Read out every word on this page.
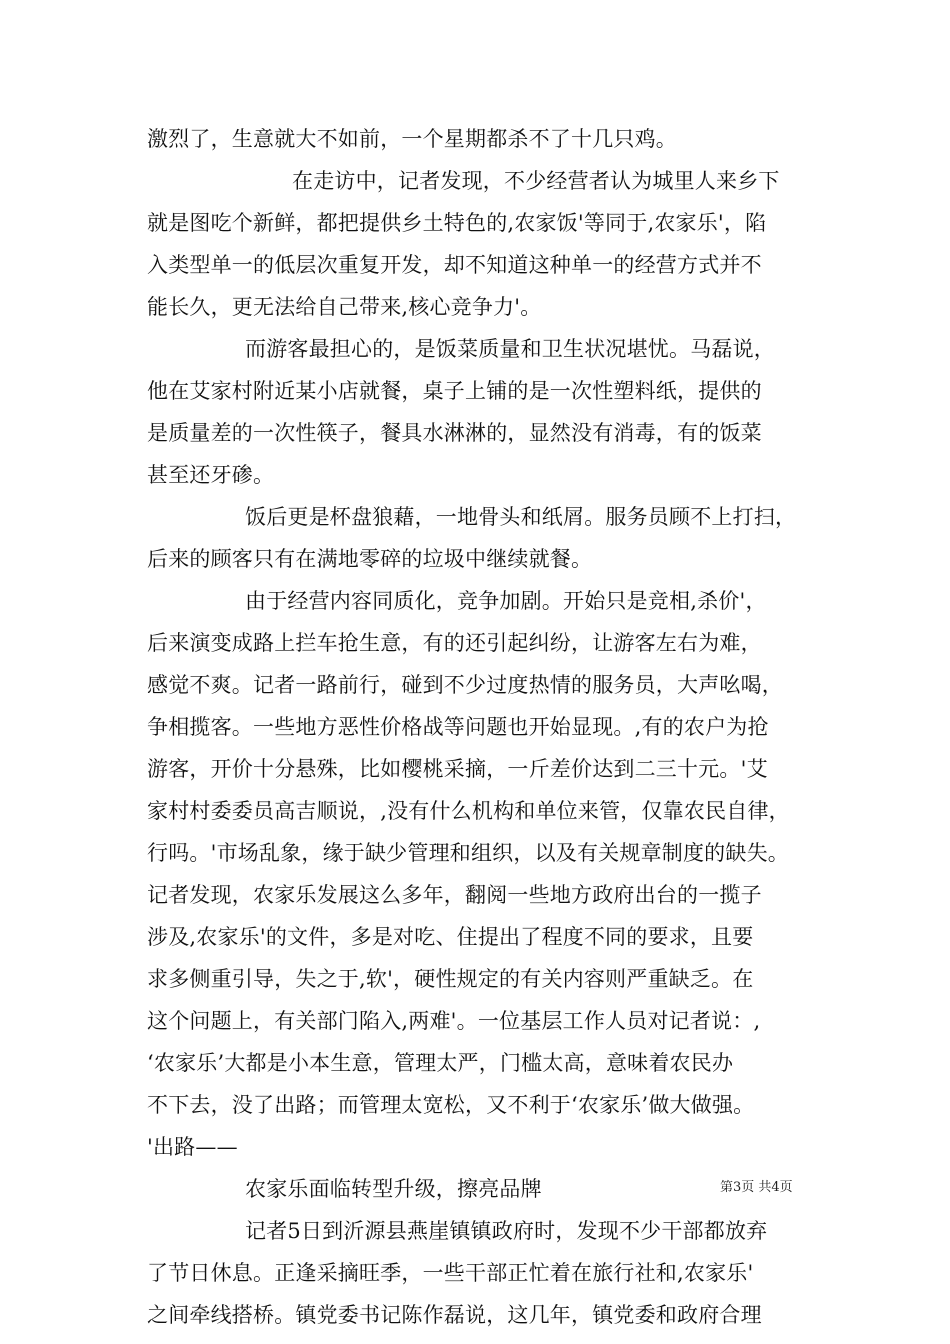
激烈了，生意就大不如前，一个星期都杀不了十几只鸡。
在走访中，记者发现，不少经营者认为城里人来乡下
就是图吃个新鲜，都把提供乡土特色的,农家饭'等同于,农家乐'，陷
入类型单一的低层次重复开发，却不知道这种单一的经营方式并不
能长久，更无法给自己带来,核心竞争力'。
而游客最担心的，是饭菜质量和卫生状况堪忧。马磊说，
他在艾家村附近某小店就餐，桌子上铺的是一次性塑料纸，提供的
是质量差的一次性筷子，餐具水淋淋的，显然没有消毒，有的饭菜
甚至还牙碜。
饭后更是杯盘狼藉，一地骨头和纸屑。服务员顾不上打扫，
后来的顾客只有在满地零碎的垃圾中继续就餐。
由于经营内容同质化，竞争加剧。开始只是竞相,杀价'，
后来演变成路上拦车抢生意，有的还引起纠纷，让游客左右为难，
感觉不爽。记者一路前行，碰到不少过度热情的服务员，大声吆喝，
争相揽客。一些地方恶性价格战等问题也开始显现。,有的农户为抢
游客，开价十分悬殊，比如樱桃采摘，一斤差价达到二三十元。'艾
家村村委委员高吉顺说，,没有什么机构和单位来管，仅靠农民自律，
行吗。'市场乱象，缘于缺少管理和组织，以及有关规章制度的缺失。
记者发现，农家乐发展这么多年，翻阅一些地方政府出台的一揽子
涉及,农家乐'的文件，多是对吃、住提出了程度不同的要求，且要
求多侧重引导，失之于,软'，硬性规定的有关内容则严重缺乏。在
这个问题上，有关部门陷入,两难'。一位基层工作人员对记者说：,
‘农家乐’大都是小本生意，管理太严，门槛太高，意味着农民办
不下去，没了出路；而管理太宽松，又不利于‘农家乐’做大做强。
'出路——
农家乐面临转型升级，擦亮品牌
记者5日到沂源县燕崖镇镇政府时，发现不少干部都放弃
了节日休息。正逢采摘旺季，一些干部正忙着在旅行社和,农家乐'
之间牵线搭桥。镇党委书记陈作磊说，这几年，镇党委和政府合理
第3页 共4页
